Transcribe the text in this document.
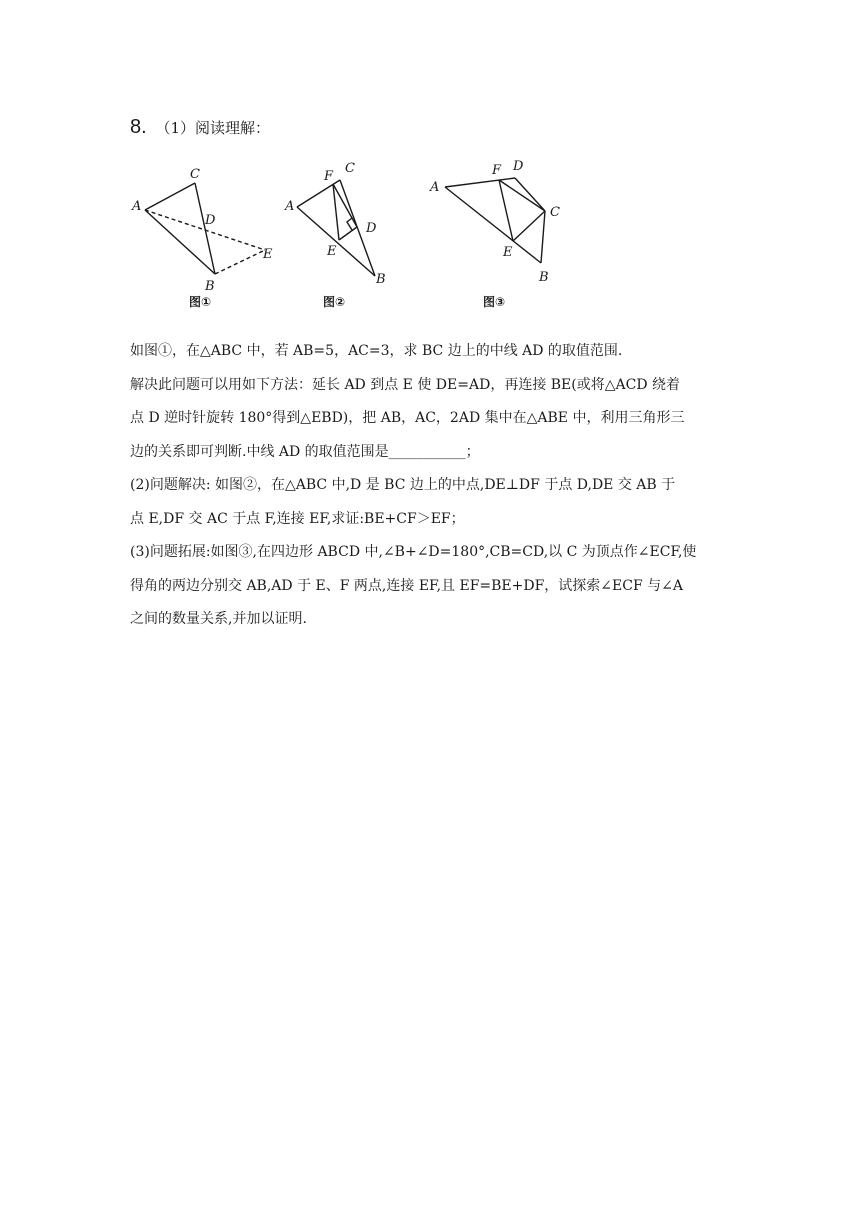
8. （1）阅读理解：
A
C
D
E
B
图①
A
F
C
D
E
B
图②
A
F D
C
E
B
图③

如图①，在△ABC 中，若 AB=5，AC=3，求 BC 边上的中线 AD 的取值范围.

解决此问题可以用如下方法：延长 AD 到点 E 使 DE=AD，再连接 BE(或将△ACD 绕着

点 D 逆时针旋转 180°得到△EBD)，把 AB，AC，2AD 集中在△ABE 中，利用三角形三

边的关系即可判断.中线 AD 的取值范围是___________；

(2)问题解决: 如图②，在△ABC 中,D 是 BC 边上的中点,DE⊥DF 于点 D,DE 交 AB 于

点 E,DF 交 AC 于点 F,连接 EF,求证:BE+CF＞EF；

(3)问题拓展:如图③,在四边形 ABCD 中,∠B+∠D=180°,CB=CD,以 C 为顶点作∠ECF,使

得角的两边分别交 AB,AD 于 E、F 两点,连接 EF,且 EF=BE+DF，试探索∠ECF 与∠A

之间的数量关系,并加以证明.
